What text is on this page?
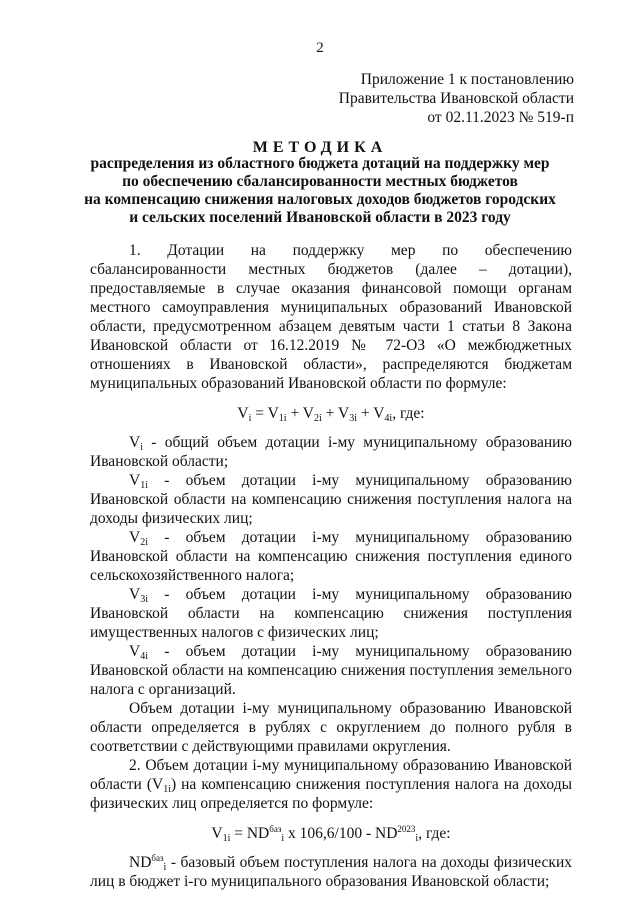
2
Приложение 1 к постановлению
Правительства Ивановской области
от 02.11.2023 № 519-п
МЕТОДИКА
распределения из областного бюджета дотаций на поддержку мер
по обеспечению сбалансированности местных бюджетов
на компенсацию снижения налоговых доходов бюджетов городских
и сельских поселений Ивановской области в 2023 году

1. Дотации на поддержку мер по обеспечению сбалансированности местных бюджетов (далее – дотации), предоставляемые в случае оказания финансовой помощи органам местного самоуправления муниципальных образований Ивановской области, предусмотренном абзацем девятым части 1 статьи 8 Закона Ивановской области от 16.12.2019 № 72-ОЗ «О межбюджетных отношениях в Ивановской области», распределяются бюджетам муниципальных образований Ивановской области по формуле:

$V_i = V_{1i} + V_{2i} + V_{3i} + V_{4i}$, где:

$V_i$ - общий объем дотации i-му муниципальному образованию Ивановской области;

$V_{1i}$ - объем дотации i-му муниципальному образованию Ивановской области на компенсацию снижения поступления налога на доходы физических лиц;

$V_{2i}$ - объем дотации i-му муниципальному образованию Ивановской области на компенсацию снижения поступления единого сельскохозяйственного налога;

$V_{3i}$ - объем дотации i-му муниципальному образованию Ивановской области на компенсацию снижения поступления имущественных налогов с физических лиц;

$V_{4i}$ - объем дотации i-му муниципальному образованию Ивановской области на компенсацию снижения поступления земельного налога с организаций.

Объем дотации i-му муниципальному образованию Ивановской области определяется в рублях с округлением до полного рубля в соответствии с действующими правилами округления.

2. Объем дотации i-му муниципальному образованию Ивановской области $(V_{1i})$ на компенсацию снижения поступления налога на доходы физических лиц определяется по формуле:

$V_{1i} = ND^{баз}_i$ x $106,6/100 - ND^{2023}_i$, где:

$ND^{баз}_i$ - базовый объем поступления налога на доходы физических лиц в бюджет i-го муниципального образования Ивановской области;
